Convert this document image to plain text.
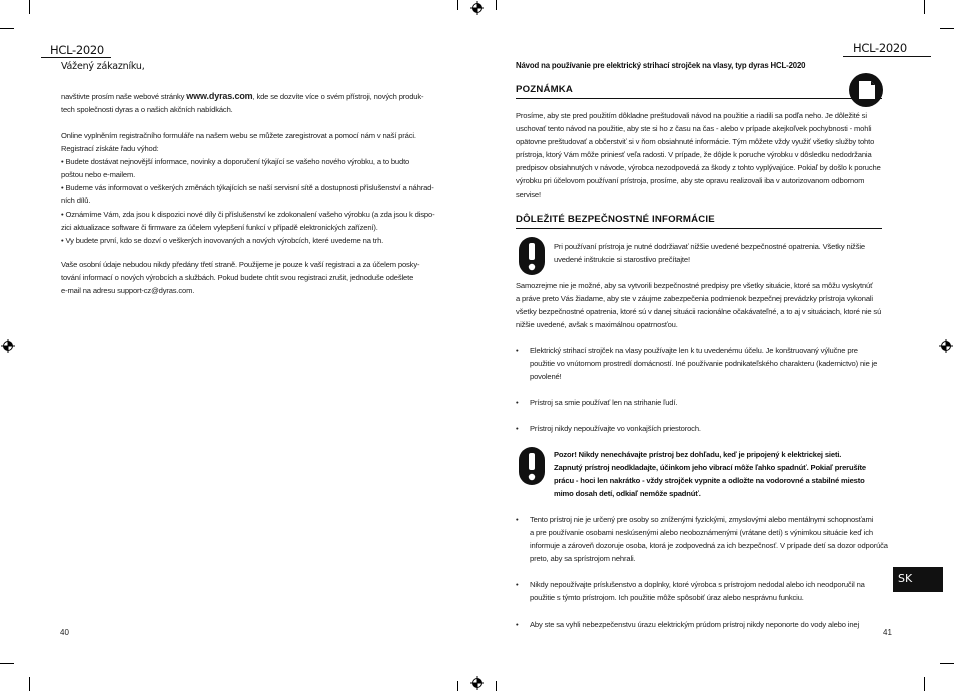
HCL-2020
Vážený zákazníku,
navštivte prosím naše webové stránky www.dyras.com, kde se dozvíte více o svém přístroji, nových produk-
tech společnosti dyras a o našich akčních nabídkách.
Online vyplněním registračního formuláře na našem webu se můžete zaregistrovat a pomocí nám v naší práci.
Registrací získáte řadu výhod:
• Budete dostávat nejnovější informace, novinky a doporučení týkající se vašeho nového výrobku, a to budto
poštou nebo e-mailem.
• Budeme vás informovat o veškerých změnách týkajících se naší servisní sítě a dostupnosti příslušenství a náhrad-
ních dílů.
• Oznámíme Vám, zda jsou k dispozici nové díly či příslušenství ke zdokonalení vašeho výrobku (a zda jsou k dispo-
zici aktualizace software či firmware za účelem vylepšení funkcí v případě elektronických zařízení).
• Vy budete první, kdo se dozví o veškerých inovovaných a nových výrobcích, které uvedeme na trh.
Vaše osobní údaje nebudou nikdy předány třetí straně. Použijeme je pouze k vaší registraci a za účelem posky-
tování informací o nových výrobcích a službách. Pokud budete chtít svou registraci zrušit, jednoduše odešlete
e-mail na adresu support-cz@dyras.com.
40
HCL-2020
Návod na používanie pre elektrický strihací strojček na vlasy, typ dyras HCL-2020
POZNÁMKA
Prosíme, aby ste pred použitím dôkladne preštudovali návod na použitie a riadili sa podľa neho. Je dôležité si
uschovať tento návod na použitie, aby ste si ho z času na čas - alebo v prípade akejkoľvek pochybnosti - mohli
opätovne preštudovať a občerstviť si v ňom obsiahnuté informácie. Tým môžete vždy využiť všetky služby tohto
prístroja, ktorý Vám môže priniesť veľa radosti. V prípade, že dôjde k poruche výrobku v dôsledku nedodržania
predpisov obsiahnutých v návode, výrobca nezodpovedá za škody z tohto vyplývajúce. Pokiaľ by došlo k poruche
výrobku pri účelovom používaní prístroja, prosíme, aby ste opravu realizovali iba v autorizovanom odbornom
servise!
DÔLEŽITÉ BEZPEČNOSTNÉ INFORMÁCIE
Pri používaní prístroja je nutné dodržiavať nižšie uvedené bezpečnostné opatrenia. Všetky nižšie
uvedené inštrukcie si starostlivo prečítajte!
Samozrejme nie je možné, aby sa vytvorili bezpečnostné predpisy pre všetky situácie, ktoré sa môžu vyskytnúť
a práve preto Vás žiadame, aby ste v záujme zabezpečenia podmienok bezpečnej prevádzky prístroja vykonali
všetky bezpečnostné opatrenia, ktoré sú v danej situácii racionálne očakávateľné, a to aj v situáciach, ktoré nie sú
nižšie uvedené, avšak s maximálnou opatrnosťou.
• Elektrický strihací strojček na vlasy používajte len k tu uvedenému účelu. Je konštruovaný výlučne pre
použitie vo vnútornom prostredí domácností. Iné používanie podnikateľského charakteru (kadernictvo) nie je
povolené!
• Prístroj sa smie používať len na strihanie ľudí.
• Prístroj nikdy nepoužívajte vo vonkajších priestoroch.
Pozor! Nikdy nenechávajte prístroj bez dohľadu, keď je pripojený k elektrickej sieti.
Zapnutý prístroj neodkladajte, účinkom jeho vibrací môže ľahko spadnúť. Pokiaľ prerušíte
prácu - hoci len nakrátko - vždy strojček vypnite a odložte na vodorovné a stabilné miesto
mimo dosah detí, odkiaľ nemôže spadnúť.
• Tento prístroj nie je určený pre osoby so zníženými fyzickými, zmyslovými alebo mentálnymi schopnosťami
a pre používanie osobami neskúsenými alebo neoboznámenými (vrátane detí) s výnimkou situácie keď ich
informuje a zároveň dozoruje osoba, ktorá je zodpovedná za ich bezpečnosť. V prípade detí sa dozor odporúča
preto, aby sa sprístrojom nehrali.
• Nikdy nepoužívajte príslušenstvo a doplnky, ktoré výrobca s prístrojom nedodal alebo ich neodporučil na
použitie s týmto prístrojom. Ich použitie môže spôsobiť úraz alebo nesprávnu funkciu.
• Aby ste sa vyhli nebezpečenstvu úrazu elektrickým prúdom prístroj nikdy neponorte do vody alebo inej
SK
41
